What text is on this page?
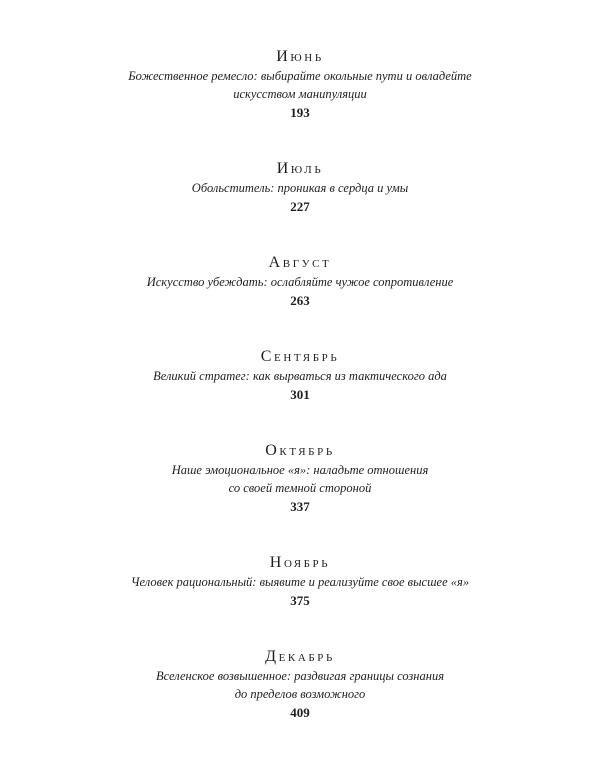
Июнь

Божественное ремесло: выбирайте окольные пути и овладейте

искусством манипуляции

193

Июль

Обольститель: проникая в сердца и умы

227

Август

Искусство убеждать: ослабляйте чужое сопротивление

263

Сентябрь

Великий стратег: как вырваться из тактического ада

301

Октябрь

Наше эмоциональное «я»: наладьте отношения

со своей темной стороной

337

Ноябрь

Человек рациональный: выявите и реализуйте свое высшее «я»

375

Декабрь

Вселенское возвышенное: раздвигая границы сознания

до пределов возможного

409
